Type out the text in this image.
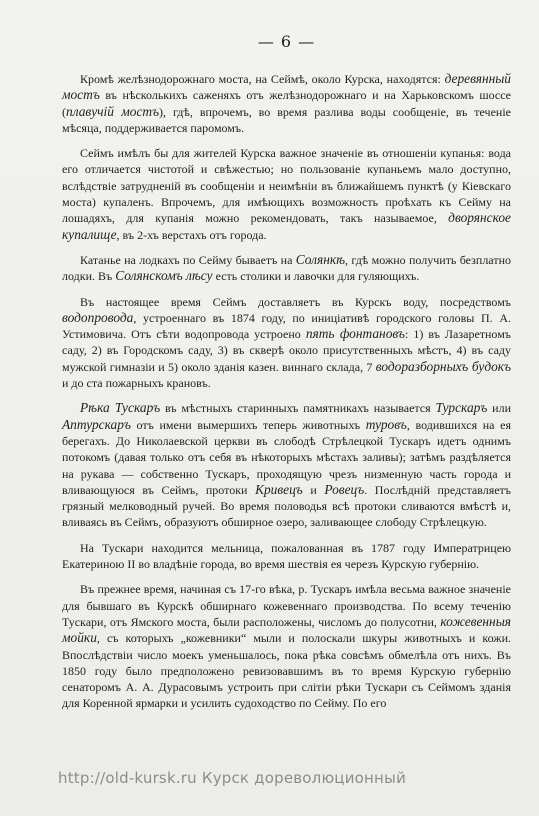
— 6 —
Кромѣ желѣзнодорожнаго моста, на Сеймѣ, около Курска, находятся: деревянный мостъ въ нѣсколькихъ саженяхъ отъ желѣзнодорожнаго и на Харьковскомъ шоссе (плавучій мостъ), гдѣ, впрочемъ, во время разлива воды сообщеніе, въ теченіе мѣсяца, поддерживается паромомъ.
Сеймъ имѣлъ бы для жителей Курска важное значеніе въ отношеніи купанья: вода его отличается чистотой и свѣжестью; но пользованіе купаньемъ мало доступно, вслѣдствіе затрудненій въ сообщеніи и неимѣніи въ ближайшемъ пунктѣ (у Кіевскаго моста) купаленъ. Впрочемъ, для имѣющихъ возможность проѣхать къ Сейму на лошадяхъ, для купанія можно рекомендовать, такъ называемое, дворянское купалище, въ 2-хъ верстахъ отъ города.
Катанье на лодкахъ по Сейму бываетъ на Солянкѣ, гдѣ можно получить безплатно лодки. Въ Солянскомъ лѣсу есть столики и лавочки для гуляющихъ.
Въ настоящее время Сеймъ доставляетъ въ Курскъ воду, посредствомъ водопровода, устроеннаго въ 1874 году, по иниціативѣ городского головы П. А. Устимовича. Отъ сѣти водопровода устроено пять фонтановъ: 1) въ Лазаретномъ саду, 2) въ Городскомъ саду, 3) въ скверѣ около присутственныхъ мѣстъ, 4) въ саду мужской гимназіи и 5) около зданія казен. виннаго склада, 7 водоразборныхъ будокъ и до ста пожарныхъ крановъ.
Рѣка Тускаръ въ мѣстныхъ старинныхъ памятникахъ называется Турскаръ или Аптурскаръ отъ имени вымершихъ теперь животныхъ туровъ, водившихся на ея берегахъ. До Николаевской церкви въ слободѣ Стрѣлецкой Тускаръ идетъ однимъ потокомъ (давая только отъ себя въ нѣкоторыхъ мѣстахъ заливы); затѣмъ раздѣляется на рукава — собственно Тускаръ, проходящую чрезъ низменную часть города и вливающуюся въ Сеймъ, протоки Кривецъ и Ровецъ. Послѣдній представляетъ грязный мелководный ручей. Во время половодья всѣ протоки сливаются вмѣстѣ и, вливаясь въ Сеймъ, образуютъ обширное озеро, заливающее слободу Стрѣлецкую.
На Тускари находится мельница, пожалованная въ 1787 году Императрицею Екатериною II во владѣніе города, во время шествія ея черезъ Курскую губернію.
Въ прежнее время, начиная съ 17-го вѣка, р. Тускаръ имѣла весьма важное значеніе для бывшаго въ Курскѣ обширнаго кожевеннаго производства. По всему теченію Тускари, отъ Ямского моста, были расположены, числомъ до полусотни, кожевенныя мойки, съ которыхъ „кожевники“ мыли и полоскали шкуры животныхъ и кожи. Впослѣдствіи число моекъ уменьшалось, пока рѣка совсѣмъ обмелѣла отъ нихъ. Въ 1850 году было предположено ревизовавшимъ въ то время Курскую губернію сенаторомъ А. А. Дурасовымъ устроить при слітіи рѣки Тускари съ Сеймомъ зданія для Коренной ярмарки и усилить судоходство по Сейму. По его
http://old-kursk.ru Курск дореволюционный
